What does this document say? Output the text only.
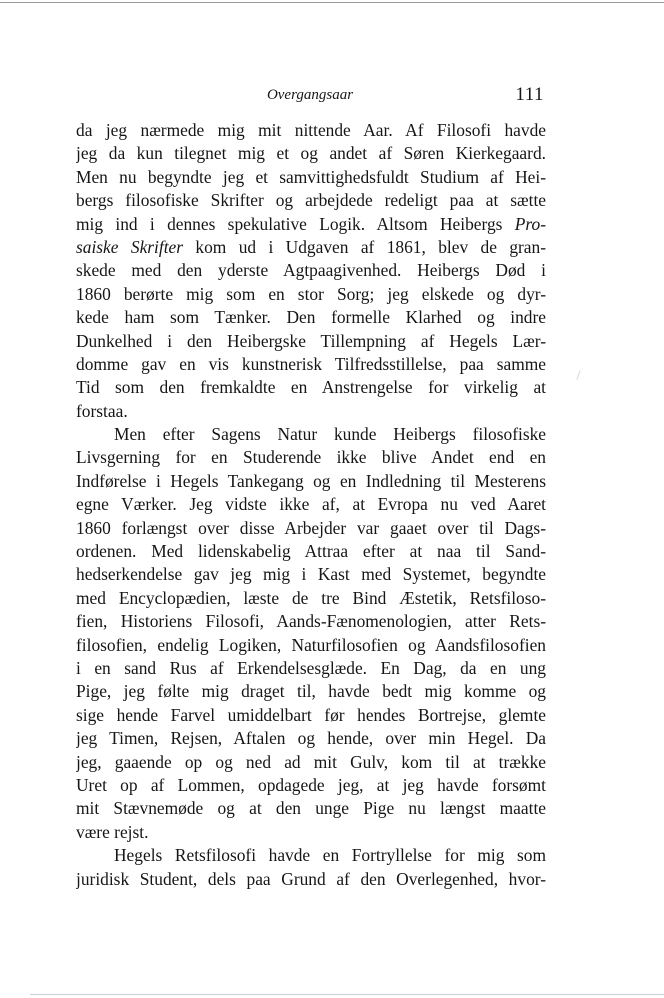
Overgangsaar	111
da jeg nærmede mig mit nittende Aar. Af Filosofi havde
jeg da kun tilegnet mig et og andet af Søren Kierkegaard.
Men nu begyndte jeg et samvittighedsfuldt Studium af Hei-
bergs filosofiske Skrifter og arbejdede redeligt paa at sætte
mig ind i dennes spekulative Logik. Altsom Heibergs Pro-
saiske Skrifter kom ud i Udgaven af 1861, blev de gran-
skede med den yderste Agtpaagivenhed. Heibergs Død i
1860 berørte mig som en stor Sorg; jeg elskede og dyr-
kede ham som Tænker. Den formelle Klarhed og indre
Dunkelhed i den Heibergske Tillempning af Hegels Lær-
domme gav en vis kunstnerisk Tilfredsstillelse, paa samme
Tid som den fremkaldte en Anstrengelse for virkelig at
forstaa.
Men efter Sagens Natur kunde Heibergs filosofiske
Livsgerning for en Studerende ikke blive Andet end en
Indførelse i Hegels Tankegang og en Indledning til Mesterens
egne Værker. Jeg vidste ikke af, at Evropa nu ved Aaret
1860 forlængst over disse Arbejder var gaaet over til Dags-
ordenen. Med lidenskabelig Attraa efter at naa til Sand-
hedserkendelse gav jeg mig i Kast med Systemet, begyndte
med Encyclopædien, læste de tre Bind Æstetik, Retsfiloso-
fien, Historiens Filosofi, Aands-Fænomenologien, atter Rets-
filosofien, endelig Logiken, Naturfilosofien og Aandsfilosofien
i en sand Rus af Erkendelsesglæde. En Dag, da en ung
Pige, jeg følte mig draget til, havde bedt mig komme og
sige hende Farvel umiddelbart før hendes Bortrejse, glemte
jeg Timen, Rejsen, Aftalen og hende, over min Hegel. Da
jeg, gaaende op og ned ad mit Gulv, kom til at trække
Uret op af Lommen, opdagede jeg, at jeg havde forsømt
mit Stævnemøde og at den unge Pige nu længst maatte
være rejst.
Hegels Retsfilosofi havde en Fortryllelse for mig som
juridisk Student, dels paa Grund af den Overlegenhed, hvor-
